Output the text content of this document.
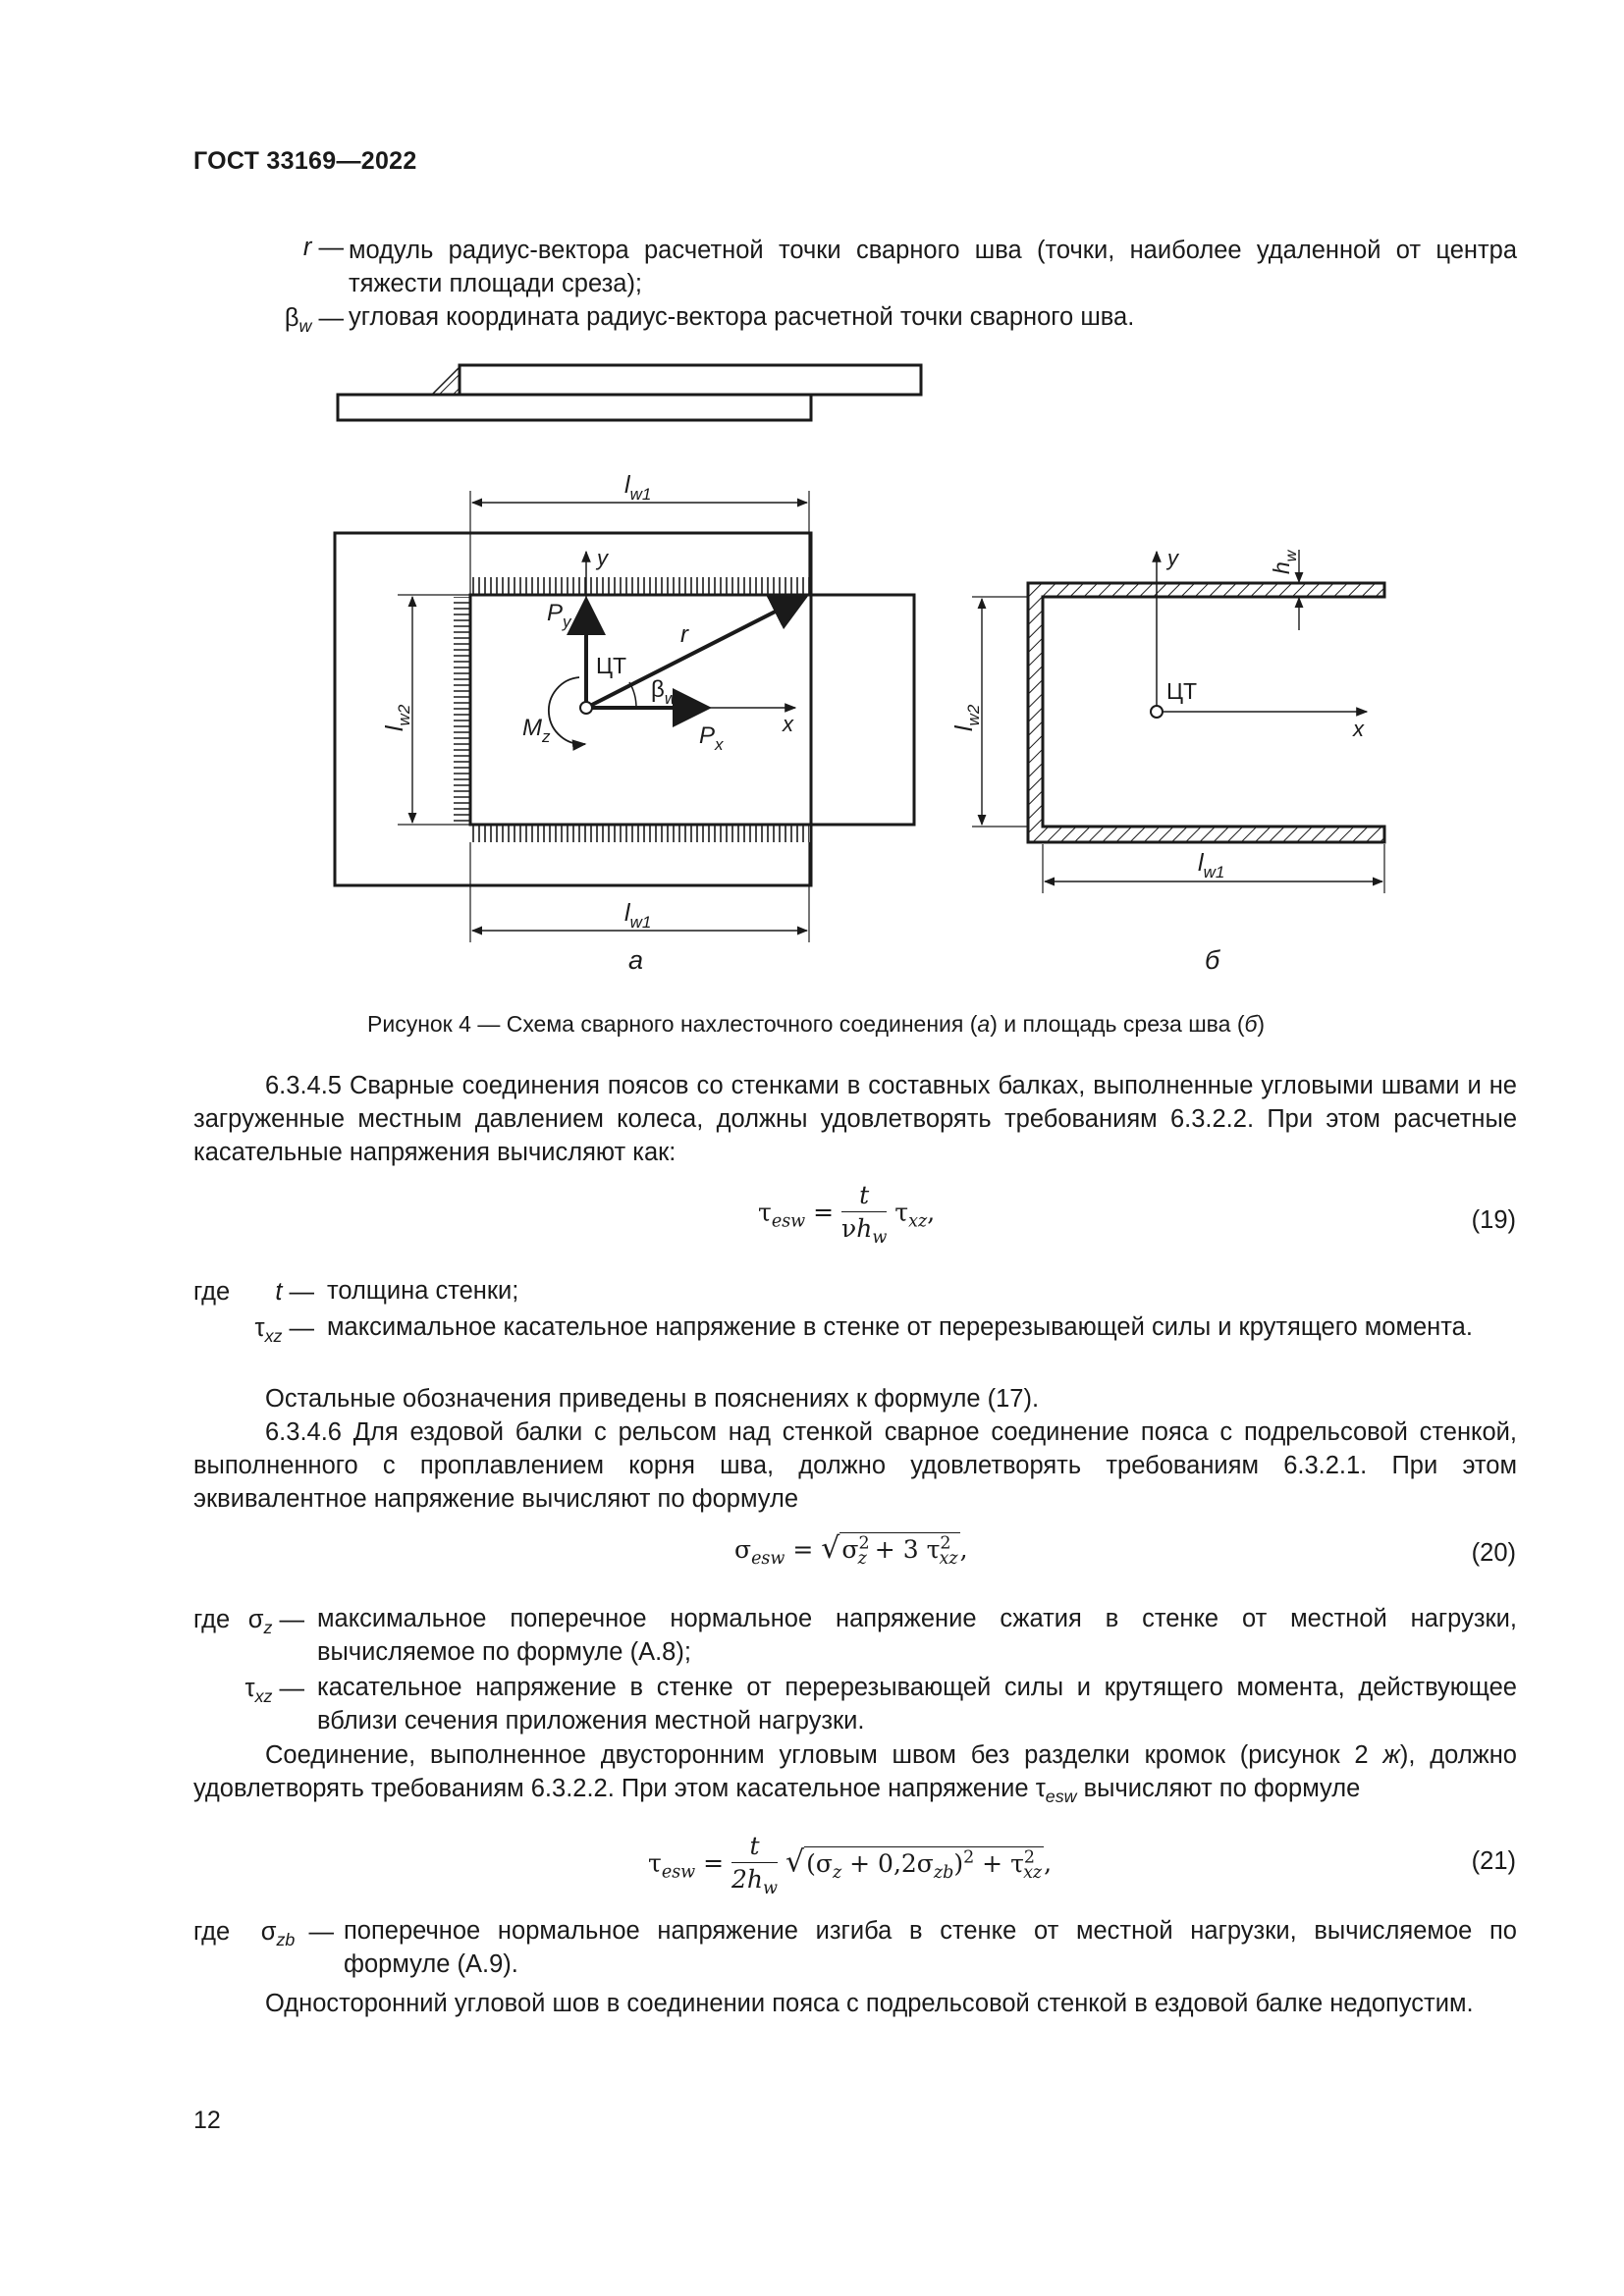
ГОСТ 33169—2022
r — модуль радиус-вектора расчетной точки сварного шва (точки, наиболее удаленной от центра тяжести площади среза);
$\beta_w$ — угловая координата радиус-вектора расчетной точки сварного шва.
$l_{w1}$
$l_{w1}$
$l_{w2}$
y
x
$P_y$
$P_x$
$M_z$
r
ЦТ
$\beta_w$
а
$l_{w2}$
$l_{w1}$
$h_w$
y
x
ЦТ
б
Рисунок 4 — Схема сварного нахлесточного соединения (а) и площадь среза шва (б)
6.3.4.5 Сварные соединения поясов со стенками в составных балках, выполненные угловыми швами и не загруженные местным давлением колеса, должны удовлетворять требованиям 6.3.2.2. При этом расчетные касательные напряжения вычисляют как:
$\tau_{esw} = \frac{t}{\nu h_w} \tau_{xz}$,	(19)
где	t — толщина стенки;
$\tau_{xz}$ — максимальное касательное напряжение в стенке от перерезывающей силы и крутящего момента.
Остальные обозначения приведены в пояснениях к формуле (17).
6.3.4.6 Для ездовой балки с рельсом над стенкой сварное соединение пояса с подрельсовой стенкой, выполненного с проплавлением корня шва, должно удовлетворять требованиям 6.3.2.1. При этом эквивалентное напряжение вычисляют по формуле
$\sigma_{esw} = √\sigma^2_z + 3$ $\tau^2_{xz}$,	(20)
где $\sigma_z$ — максимальное поперечное нормальное напряжение сжатия в стенке от местной нагрузки, вычисляемое по формуле (А.8);
$\tau_{xz}$ — касательное напряжение в стенке от перерезывающей силы и крутящего момента, действующее вблизи сечения приложения местной нагрузки.
Соединение, выполненное двусторонним угловым швом без разделки кромок (рисунок 2 ж), должно удовлетворять требованиям 6.3.2.2. При этом касательное напряжение $\tau_{esw}$ вычисляют по формуле
$\tau_{esw} = \frac{t}{2h_w} √(\sigma_z + 0,2\sigma_{zb})^2 + \tau^2_{xz}$,	(21)
где	$\sigma_{zb}$ — поперечное нормальное напряжение изгиба в стенке от местной нагрузки, вычисляемое по формуле (А.9).
Односторонний угловой шов в соединении пояса с подрельсовой стенкой в ездовой балке недопустим.
12
